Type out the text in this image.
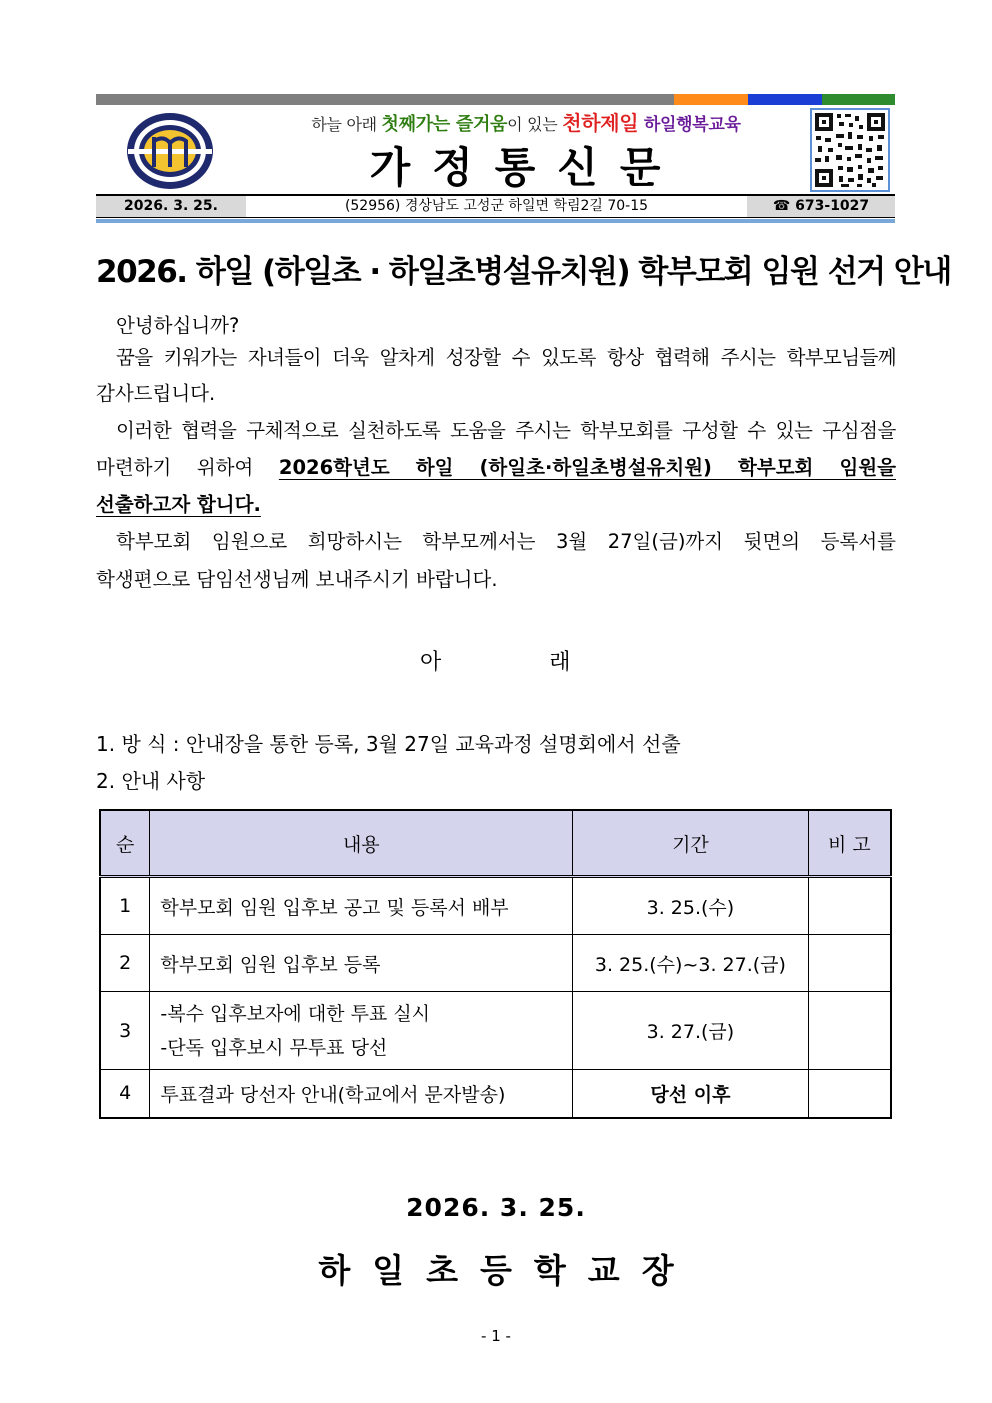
하늘 아래 첫째가는 즐거움이 있는 천하제일 하일행복교육
가정통신문
2026. 3. 25.	(52956) 경상남도 고성군 하일면 학림2길 70-15	☎ 673-1027
2026. 하일 (하일초 · 하일초병설유치원) 학부모회 임원 선거 안내
안녕하십니까?
꿈을 키워가는 자녀들이 더욱 알차게 성장할 수 있도록 항상 협력해 주시는 학부모님들께
감사드립니다.
이러한 협력을 구체적으로 실천하도록 도움을 주시는 학부모회를 구성할 수 있는 구심점을
마련하기 위하여 2026학년도 하일 (하일초·하일초병설유치원) 학부모회 임원을
선출하고자 합니다.
학부모회 임원으로 희망하시는 학부모께서는 3월 27일(금)까지 뒷면의 등록서를
학생편으로 담임선생님께 보내주시기 바랍니다.
아	래
1. 방 식 : 안내장을 통한 등록, 3월 27일 교육과정 설명회에서 선출
2. 안내 사항
순	내용	기간	비 고
1	학부모회 임원 입후보 공고 및 등록서 배부	3. 25.(수)	
2	학부모회 임원 입후보 등록	3. 25.(수)~3. 27.(금)	
3	-복수 입후보자에 대한 투표 실시
-단독 입후보시 무투표 당선	3. 27.(금)	
4	투표결과 당선자 안내(학교에서 문자발송)	당선 이후	
2026. 3. 25.
하일초등학교장
- 1 -
